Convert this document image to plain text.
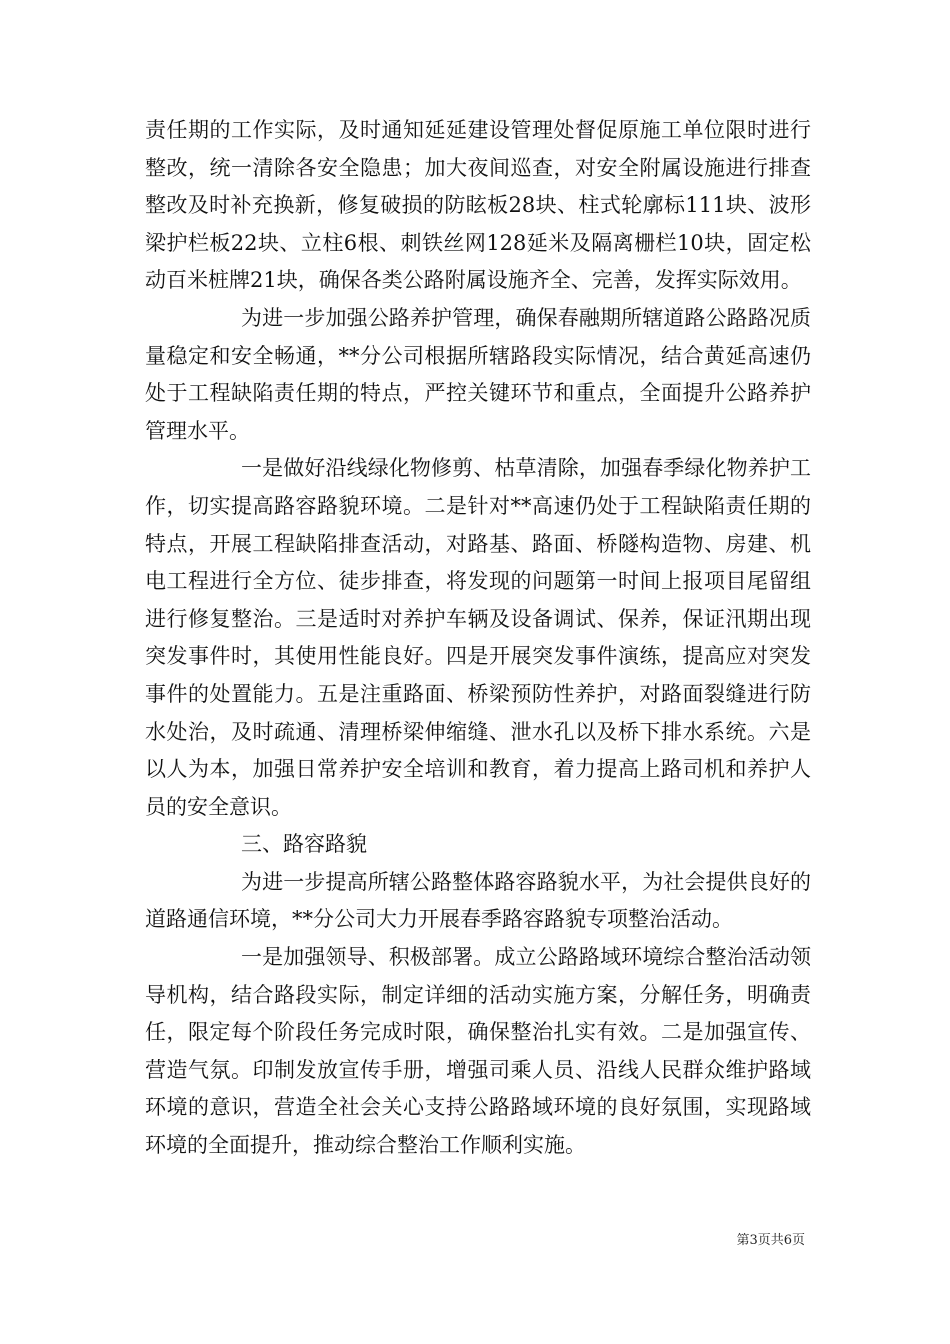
责任期的工作实际，及时通知延延建设管理处督促原施工单位限时进行整改，统一清除各安全隐患；加大夜间巡查，对安全附属设施进行排查整改及时补充换新，修复破损的防眩板28块、柱式轮廓标111块、波形梁护栏板22块、立柱6根、刺铁丝网128延米及隔离栅栏10块，固定松动百米桩牌21块，确保各类公路附属设施齐全、完善，发挥实际效用。

为进一步加强公路养护管理，确保春融期所辖道路公路路况质量稳定和安全畅通，**分公司根据所辖路段实际情况，结合黄延高速仍处于工程缺陷责任期的特点，严控关键环节和重点，全面提升公路养护管理水平。

一是做好沿线绿化物修剪、枯草清除，加强春季绿化物养护工作，切实提高路容路貌环境。二是针对**高速仍处于工程缺陷责任期的特点，开展工程缺陷排查活动，对路基、路面、桥隧构造物、房建、机电工程进行全方位、徒步排查，将发现的问题第一时间上报项目尾留组进行修复整治。三是适时对养护车辆及设备调试、保养，保证汛期出现突发事件时，其使用性能良好。四是开展突发事件演练，提高应对突发事件的处置能力。五是注重路面、桥梁预防性养护，对路面裂缝进行防水处治，及时疏通、清理桥梁伸缩缝、泄水孔以及桥下排水系统。六是以人为本，加强日常养护安全培训和教育，着力提高上路司机和养护人员的安全意识。

三、路容路貌

为进一步提高所辖公路整体路容路貌水平，为社会提供良好的道路通信环境，**分公司大力开展春季路容路貌专项整治活动。

一是加强领导、积极部署。成立公路路域环境综合整治活动领导机构，结合路段实际，制定详细的活动实施方案，分解任务，明确责任，限定每个阶段任务完成时限，确保整治扎实有效。二是加强宣传、营造气氛。印制发放宣传手册，增强司乘人员、沿线人民群众维护路域环境的意识，营造全社会关心支持公路路域环境的良好氛围，实现路域环境的全面提升，推动综合整治工作顺利实施。

第3页共6页
